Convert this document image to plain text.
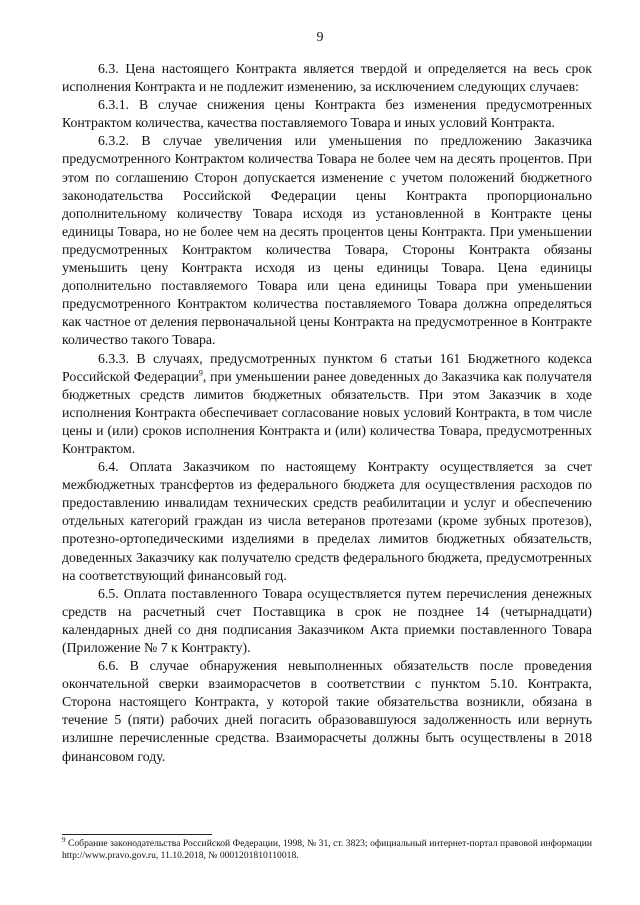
9

6.3. Цена настоящего Контракта является твердой и определяется на весь срок исполнения Контракта и не подлежит изменению, за исключением следующих случаев:

6.3.1. В случае снижения цены Контракта без изменения предусмотренных Контрактом количества, качества поставляемого Товара и иных условий Контракта.

6.3.2. В случае увеличения или уменьшения по предложению Заказчика предусмотренного Контрактом количества Товара не более чем на десять процентов. При этом по соглашению Сторон допускается изменение с учетом положений бюджетного законодательства Российской Федерации цены Контракта пропорционально дополнительному количеству Товара исходя из установленной в Контракте цены единицы Товара, но не более чем на десять процентов цены Контракта. При уменьшении предусмотренных Контрактом количества Товара, Стороны Контракта обязаны уменьшить цену Контракта исходя из цены единицы Товара. Цена единицы дополнительно поставляемого Товара или цена единицы Товара при уменьшении предусмотренного Контрактом количества поставляемого Товара должна определяться как частное от деления первоначальной цены Контракта на предусмотренное в Контракте количество такого Товара.

6.3.3. В случаях, предусмотренных пунктом 6 статьи 161 Бюджетного кодекса Российской Федерации$^9$, при уменьшении ранее доведенных до Заказчика как получателя бюджетных средств лимитов бюджетных обязательств. При этом Заказчик в ходе исполнения Контракта обеспечивает согласование новых условий Контракта, в том числе цены и (или) сроков исполнения Контракта и (или) количества Товара, предусмотренных Контрактом.

6.4. Оплата Заказчиком по настоящему Контракту осуществляется за счет межбюджетных трансфертов из федерального бюджета для осуществления расходов по предоставлению инвалидам технических средств реабилитации и услуг и обеспечению отдельных категорий граждан из числа ветеранов протезами (кроме зубных протезов), протезно-ортопедическими изделиями в пределах лимитов бюджетных обязательств, доведенных Заказчику как получателю средств федерального бюджета, предусмотренных на соответствующий финансовый год.

6.5. Оплата поставленного Товара осуществляется путем перечисления денежных средств на расчетный счет Поставщика в срок не позднее 14 (четырнадцати) календарных дней со дня подписания Заказчиком Акта приемки поставленного Товара (Приложение № 7 к Контракту).

6.6. В случае обнаружения невыполненных обязательств после проведения окончательной сверки взаиморасчетов в соответствии с пунктом 5.10. Контракта, Сторона настоящего Контракта, у которой такие обязательства возникли, обязана в течение 5 (пяти) рабочих дней погасить образовавшуюся задолженность или вернуть излишне перечисленные средства. Взаиморасчеты должны быть осуществлены в 2018 финансовом году.

$^9$ Собрание законодательства Российской Федерации, 1998, № 31, ст. 3823; официальный интернет-портал правовой информации http://www.pravo.gov.ru, 11.10.2018, № 0001201810110018.
